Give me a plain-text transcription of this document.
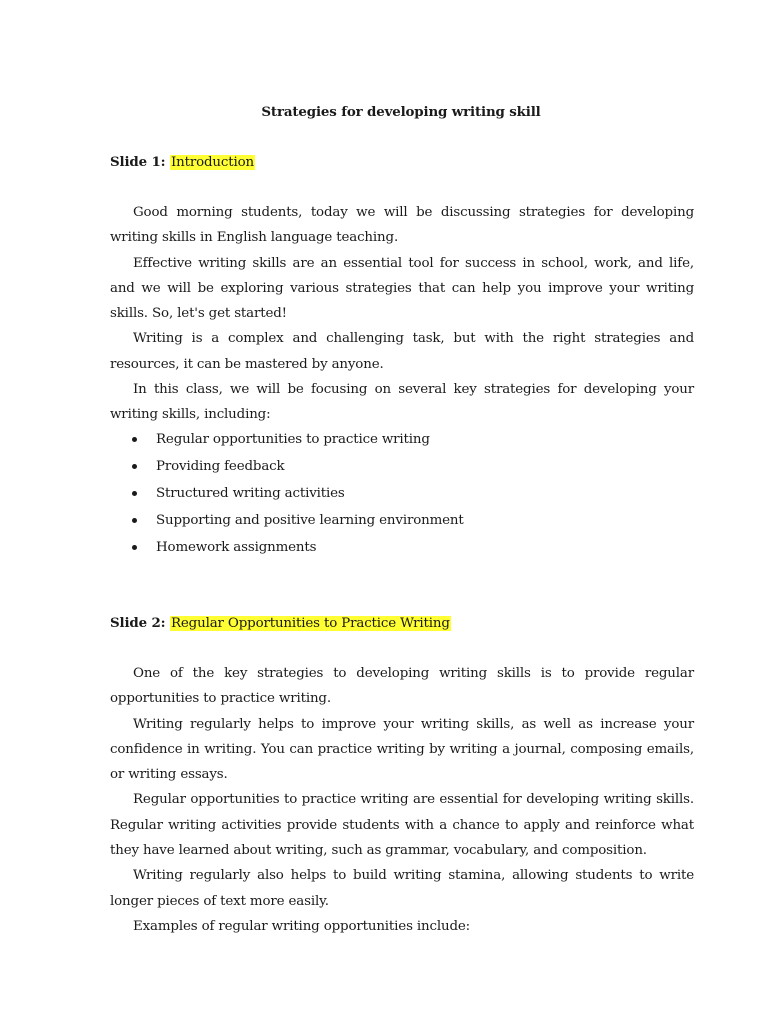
Strategies for developing writing skill
Slide 1: Introduction

Good morning students, today we will be discussing strategies for developing writing skills in English language teaching.

Effective writing skills are an essential tool for success in school, work, and life, and we will be exploring various strategies that can help you improve your writing skills. So, let's get started!

Writing is a complex and challenging task, but with the right strategies and resources, it can be mastered by anyone.

In this class, we will be focusing on several key strategies for developing your writing skills, including:

Regular opportunities to practice writing
Providing feedback
Structured writing activities
Supporting and positive learning environment
Homework assignments
Slide 2: Regular Opportunities to Practice Writing

One of the key strategies to developing writing skills is to provide regular opportunities to practice writing.

Writing regularly helps to improve your writing skills, as well as increase your confidence in writing. You can practice writing by writing a journal, composing emails, or writing essays.

Regular opportunities to practice writing are essential for developing writing skills. Regular writing activities provide students with a chance to apply and reinforce what they have learned about writing, such as grammar, vocabulary, and composition.

Writing regularly also helps to build writing stamina, allowing students to write longer pieces of text more easily.

Examples of regular writing opportunities include:
